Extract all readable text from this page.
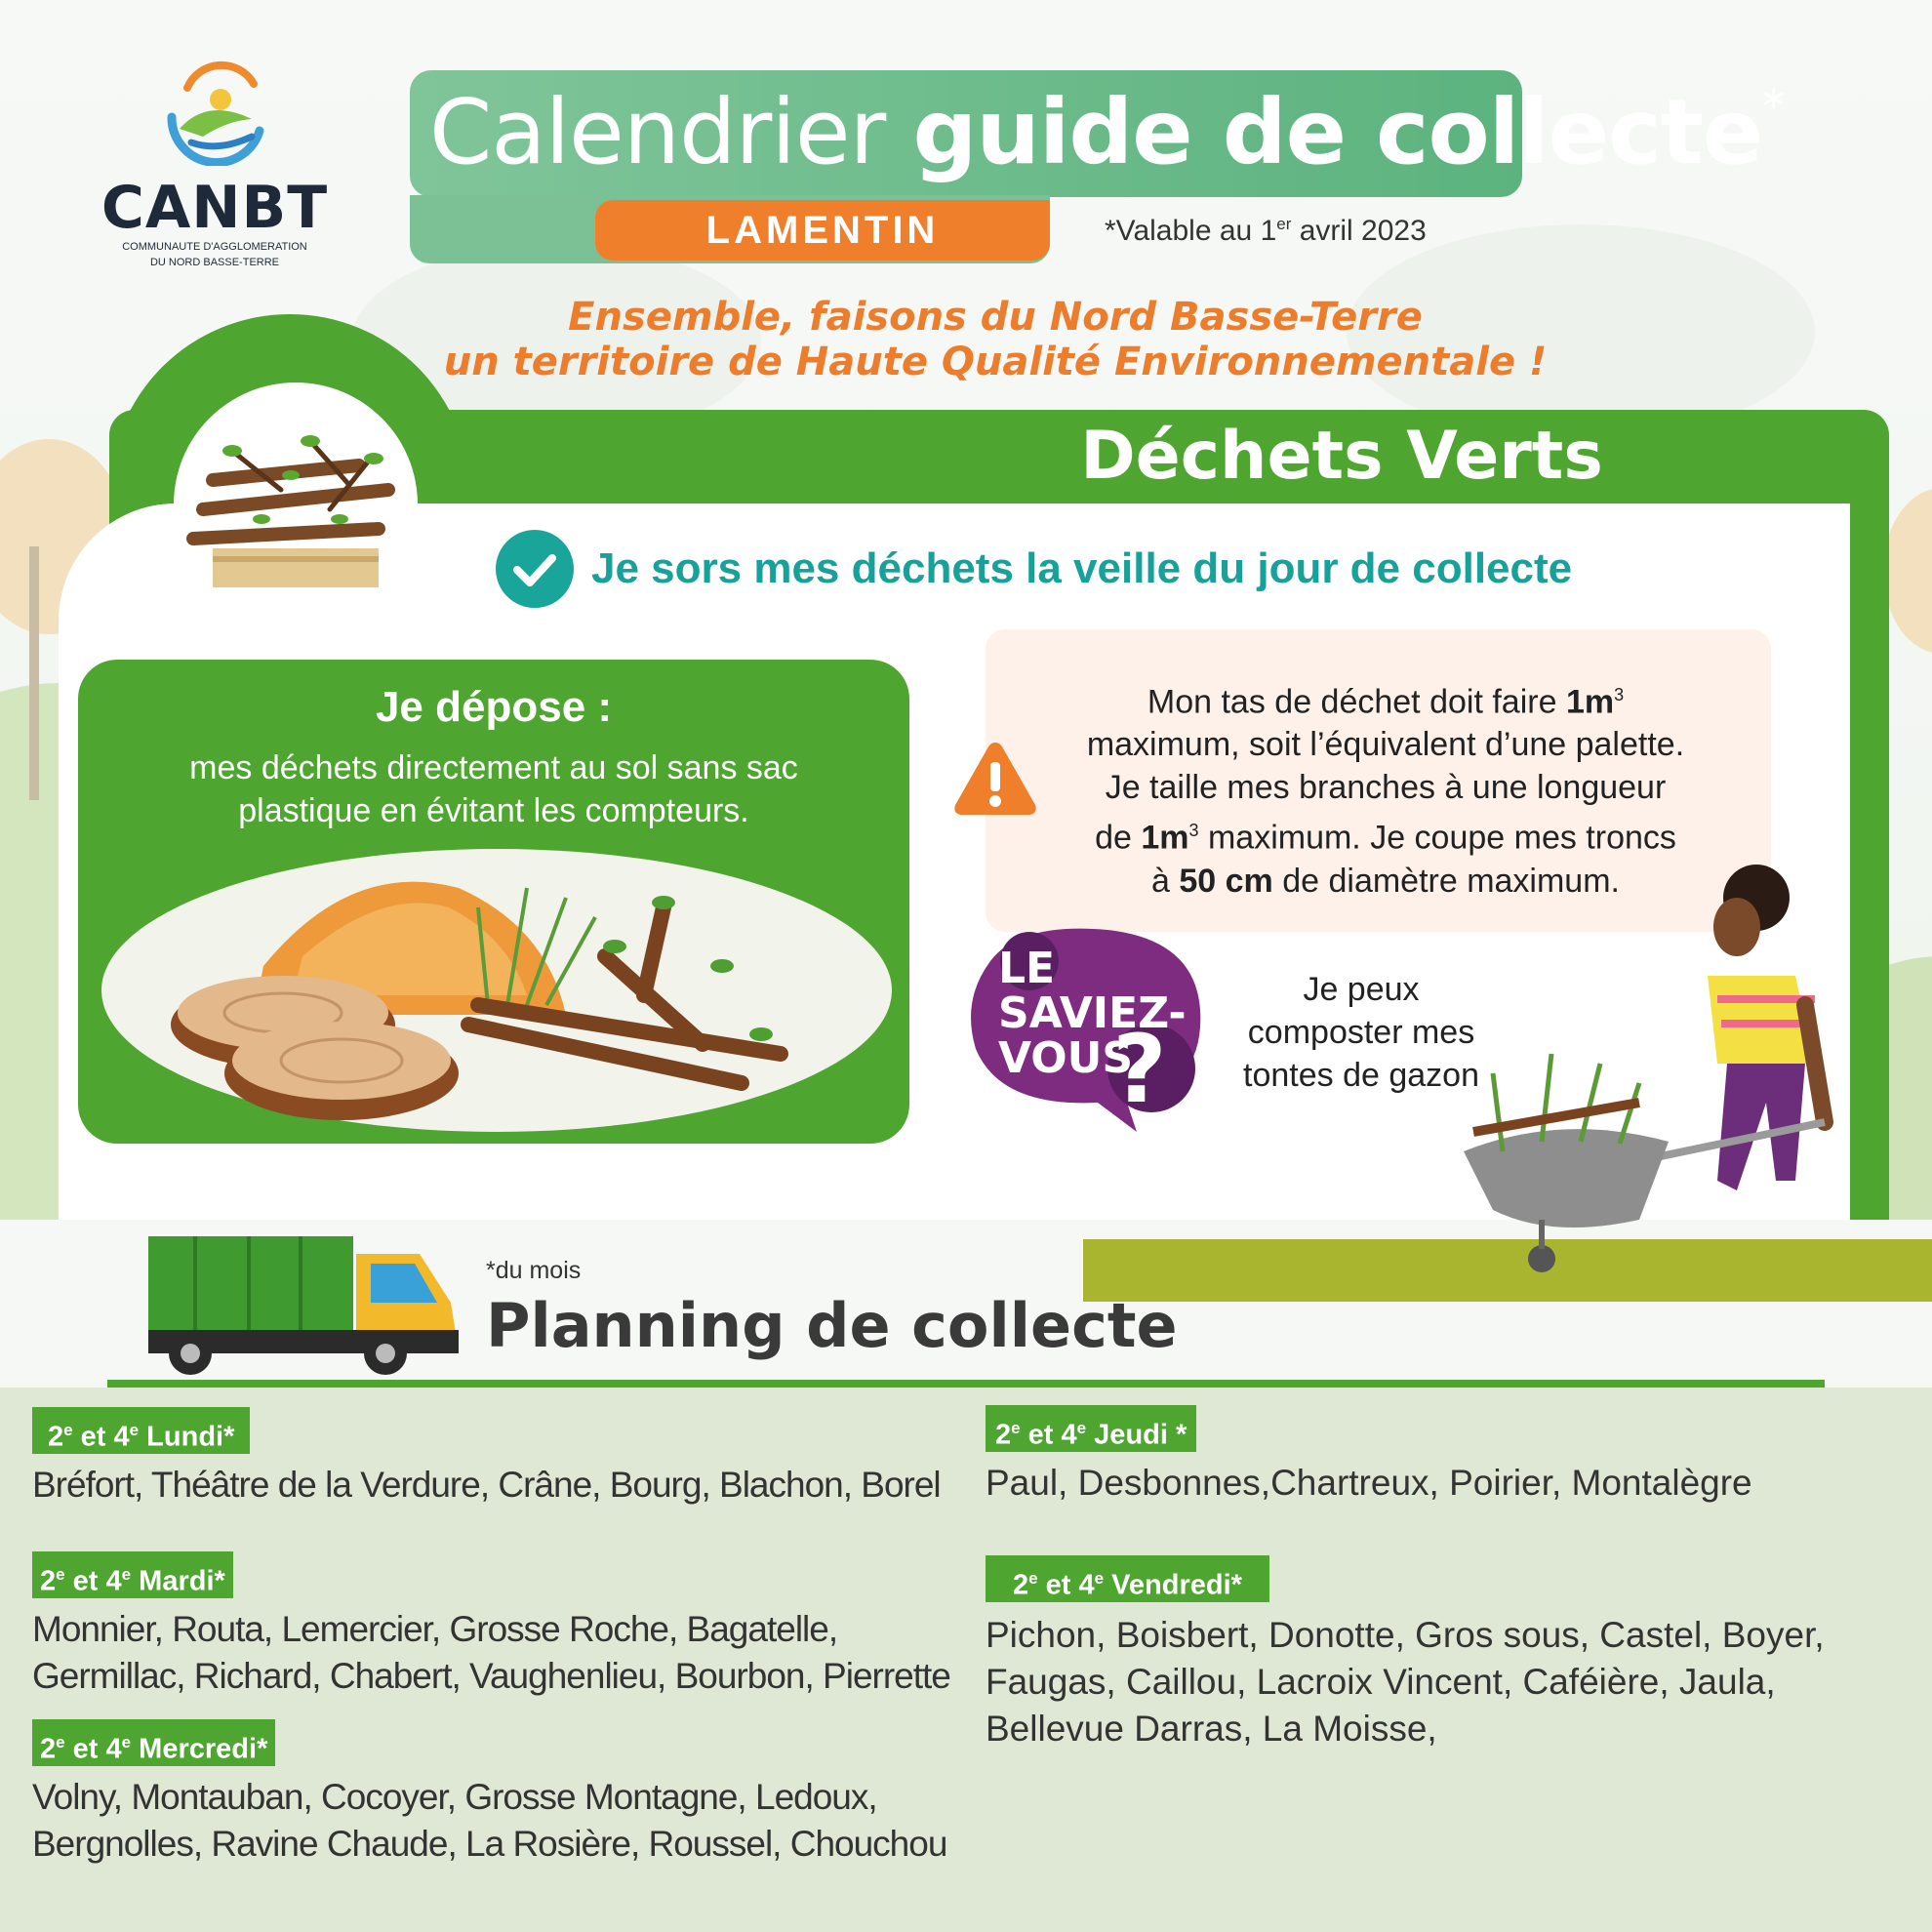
CANBT
COMMUNAUTE D'AGGLOMERATION
DU NORD BASSE-TERRE
Calendrier guide de collecte*
LAMENTIN	*Valable au 1er avril 2023
Ensemble, faisons du Nord Basse-Terre
un territoire de Haute Qualité Environnementale !
Déchets Verts
Je sors mes déchets la veille du jour de collecte
Je dépose :
mes déchets directement au sol sans sac
plastique en évitant les compteurs.
Mon tas de déchet doit faire $1m^3$
maximum, soit l’équivalent d’une palette.
Je taille mes branches à une longueur
de $1m^3$ maximum. Je coupe mes troncs
à 50 cm de diamètre maximum.
LE
SAVIEZ-
VOUS
?
Je peux
composter mes
tontes de gazon
*du mois
Planning de collecte
2e et 4e Lundi*
Bréfort, Théâtre de la Verdure, Crâne, Bourg, Blachon, Borel
2e et 4e Mardi*
Monnier, Routa, Lemercier, Grosse Roche, Bagatelle,
Germillac, Richard, Chabert, Vaughenlieu, Bourbon, Pierrette
2e et 4e Mercredi*
Volny, Montauban, Cocoyer, Grosse Montagne, Ledoux,
Bergnolles, Ravine Chaude, La Rosière, Roussel, Chouchou
2e et 4e Jeudi *
Paul, Desbonnes,Chartreux, Poirier, Montalègre
2e et 4e Vendredi*
Pichon, Boisbert, Donotte, Gros sous, Castel, Boyer,
Faugas, Caillou, Lacroix Vincent, Caféière, Jaula,
Bellevue Darras, La Moisse,
